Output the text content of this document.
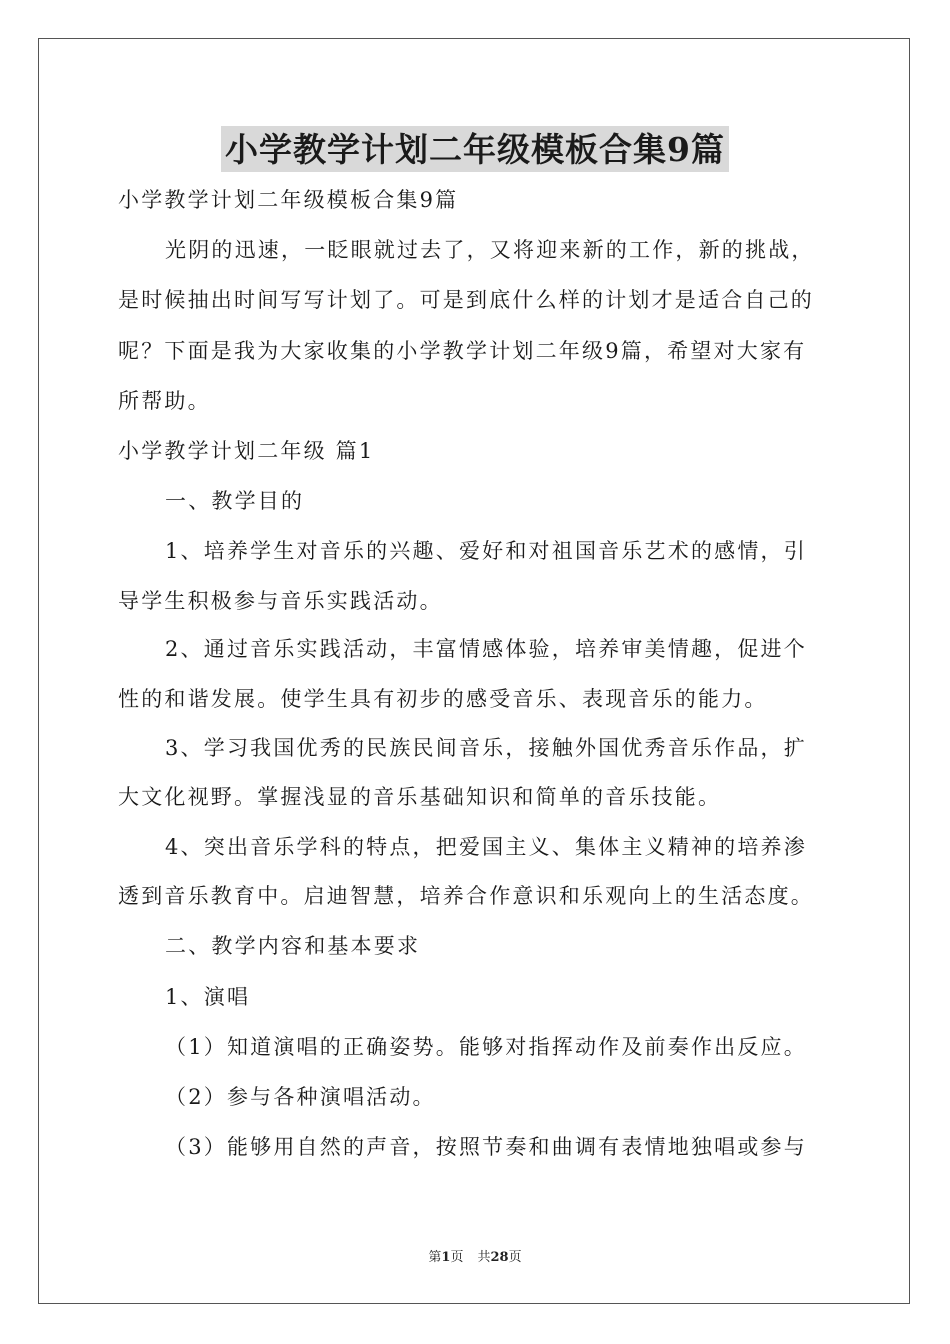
小学教学计划二年级模板合集9篇
小学教学计划二年级模板合集9篇
光阴的迅速，一眨眼就过去了，又将迎来新的工作，新的挑战，
是时候抽出时间写写计划了。可是到底什么样的计划才是适合自己的
呢？下面是我为大家收集的小学教学计划二年级9篇，希望对大家有
所帮助。
小学教学计划二年级 篇1
一、教学目的
1、培养学生对音乐的兴趣、爱好和对祖国音乐艺术的感情，引
导学生积极参与音乐实践活动。
2、通过音乐实践活动，丰富情感体验，培养审美情趣，促进个
性的和谐发展。使学生具有初步的感受音乐、表现音乐的能力。
3、学习我国优秀的民族民间音乐，接触外国优秀音乐作品，扩
大文化视野。掌握浅显的音乐基础知识和简单的音乐技能。
4、突出音乐学科的特点，把爱国主义、集体主义精神的培养渗
透到音乐教育中。启迪智慧，培养合作意识和乐观向上的生活态度。
二、教学内容和基本要求
1、演唱
（1）知道演唱的正确姿势。能够对指挥动作及前奏作出反应。
（2）参与各种演唱活动。
（3）能够用自然的声音，按照节奏和曲调有表情地独唱或参与
第1页 共28页
